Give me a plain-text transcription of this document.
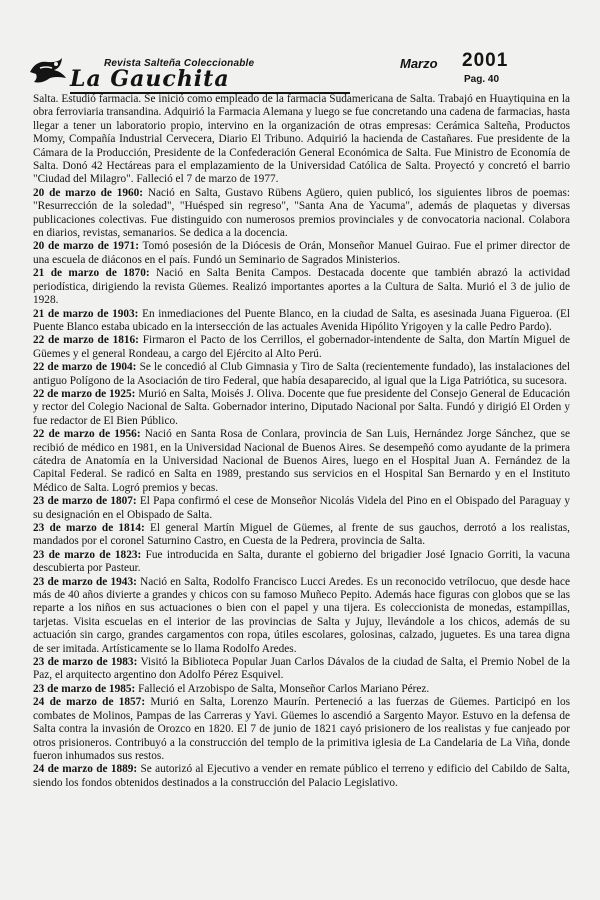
Revista Salteña Coleccionable
La Gauchita
Marzo 2001
Pag. 40

Salta. Estudió farmacia. Se inició como empleado de la farmacia Sudamericana de Salta. Trabajó en Huaytiquina en la obra ferroviaria transandina. Adquirió la Farmacia Alemana y luego se fue concretando una cadena de farmacias, hasta llegar a tener un laboratorio propio, intervino en la organización de otras empresas: Cerámica Salteña, Productos Momy, Compañía Industrial Cervecera, Diario El Tribuno. Adquirió la hacienda de Castañares. Fue presidente de la Cámara de la Producción, Presidente de la Confederación General Económica de Salta. Fue Ministro de Economía de Salta. Donó 42 Hectáreas para el emplazamiento de la Universidad Católica de Salta. Proyectó y concretó el barrio "Ciudad del Milagro". Falleció el 7 de marzo de 1977.

20 de marzo de 1960: Nació en Salta, Gustavo Rübens Agüero, quien publicó, los siguientes libros de poemas: "Resurrección de la soledad", "Huésped sin regreso", "Santa Ana de Yacuma", además de plaquetas y diversas publicaciones colectivas. Fue distinguido con numerosos premios provinciales y de convocatoria nacional. Colabora en diarios, revistas, semanarios. Se dedica a la docencia.

20 de marzo de 1971: Tomó posesión de la Diócesis de Orán, Monseñor Manuel Guirao. Fue el primer director de una escuela de diáconos en el país. Fundó un Seminario de Sagrados Ministerios.

21 de marzo de 1870: Nació en Salta Benita Campos. Destacada docente que también abrazó la actividad periodística, dirigiendo la revista Güemes. Realizó importantes aportes a la Cultura de Salta. Murió el 3 de julio de 1928.

21 de marzo de 1903: En inmediaciones del Puente Blanco, en la ciudad de Salta, es asesinada Juana Figueroa. (El Puente Blanco estaba ubicado en la intersección de las actuales Avenida Hipólito Yrigoyen y la calle Pedro Pardo).

22 de marzo de 1816: Firmaron el Pacto de los Cerrillos, el gobernador-intendente de Salta, don Martín Miguel de Güemes y el general Rondeau, a cargo del Ejército al Alto Perú.

22 de marzo de 1904: Se le concedió al Club Gimnasia y Tiro de Salta (recientemente fundado), las instalaciones del antiguo Polígono de la Asociación de tiro Federal, que había desaparecido, al igual que la Liga Patriótica, su sucesora.

22 de marzo de 1925: Murió en Salta, Moisés J. Oliva. Docente que fue presidente del Consejo General de Educación y rector del Colegio Nacional de Salta. Gobernador interino, Diputado Nacional por Salta. Fundó y dirigió El Orden y fue redactor de El Bien Público.

22 de marzo de 1956: Nació en Santa Rosa de Conlara, provincia de San Luis, Hernández Jorge Sánchez, que se recibió de médico en 1981, en la Universidad Nacional de Buenos Aires. Se desempeñó como ayudante de la primera cátedra de Anatomía en la Universidad Nacional de Buenos Aires, luego en el Hospital Juan A. Fernández de la Capital Federal. Se radicó en Salta en 1989, prestando sus servicios en el Hospital San Bernardo y en el Instituto Médico de Salta. Logró premios y becas.

23 de marzo de 1807: El Papa confirmó el cese de Monseñor Nicolás Videla del Pino en el Obispado del Paraguay y su designación en el Obispado de Salta.

23 de marzo de 1814: El general Martín Miguel de Güemes, al frente de sus gauchos, derrotó a los realistas, mandados por el coronel Saturnino Castro, en Cuesta de la Pedrera, provincia de Salta.

23 de marzo de 1823: Fue introducida en Salta, durante el gobierno del brigadier José Ignacio Gorriti, la vacuna descubierta por Pasteur.

23 de marzo de 1943: Nació en Salta, Rodolfo Francisco Lucci Aredes. Es un reconocido vetrílocuo, que desde hace más de 40 años divierte a grandes y chicos con su famoso Muñeco Pepito. Además hace figuras con globos que se las reparte a los niños en sus actuaciones o bien con el papel y una tijera. Es coleccionista de monedas, estampillas, tarjetas. Visita escuelas en el interior de las provincias de Salta y Jujuy, llevándole a los chicos, además de su actuación sin cargo, grandes cargamentos con ropa, útiles escolares, golosinas, calzado, juguetes. Es una tarea digna de ser imitada. Artísticamente se lo llama Rodolfo Aredes.

23 de marzo de 1983: Visitó la Biblioteca Popular Juan Carlos Dávalos de la ciudad de Salta, el Premio Nobel de la Paz, el arquitecto argentino don Adolfo Pérez Esquivel.

23 de marzo de 1985: Falleció el Arzobispo de Salta, Monseñor Carlos Mariano Pérez.

24 de marzo de 1857: Murió en Salta, Lorenzo Maurín. Perteneció a las fuerzas de Güemes. Participó en los combates de Molinos, Pampas de las Carreras y Yavi. Güemes lo ascendió a Sargento Mayor. Estuvo en la defensa de Salta contra la invasión de Orozco en 1820. El 7 de junio de 1821 cayó prisionero de los realistas y fue canjeado por otros prisioneros. Contribuyó a la construcción del templo de la primitiva iglesia de La Candelaria de La Viña, donde fueron inhumados sus restos.

24 de marzo de 1889: Se autorizó al Ejecutivo a vender en remate público el terreno y edificio del Cabildo de Salta, siendo los fondos obtenidos destinados a la construcción del Palacio Legislativo.
